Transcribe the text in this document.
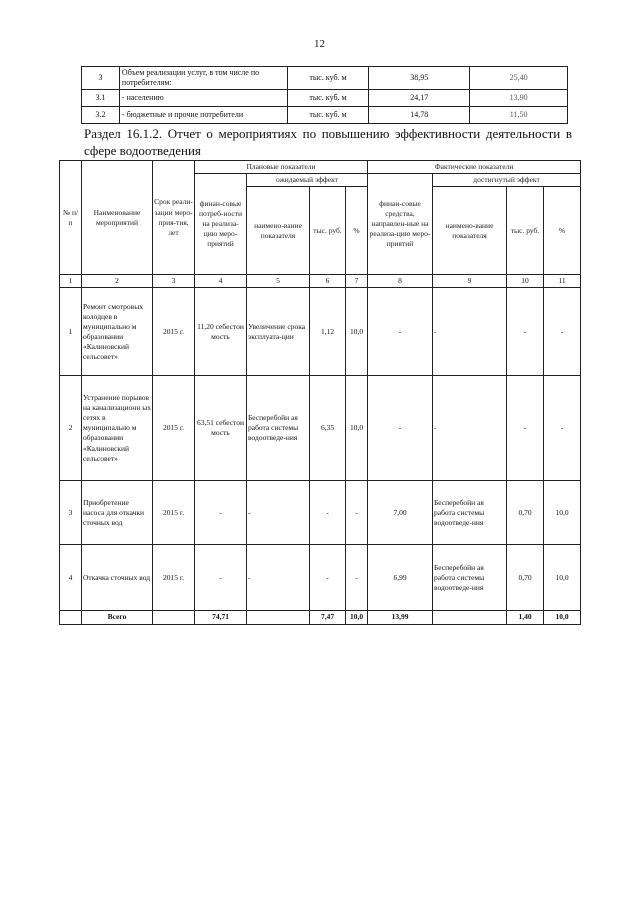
12
3	Объем реализации услуг, в том числе по потребителям:	тыс. куб. м	38,95	25,40
3.1	- населению	тыс. куб. м	24,17	13,90
3.2	- бюджетные и прочие потребители	тыс. куб. м	14,78	11,50

Раздел 16.1.2. Отчет о мероприятиях по повышению эффективности деятельности в сфере водоотведения

№ п/ п	Наименование мероприятий	Срок реали-зации меро-прия-тия, лет	Плановые показатели				Фактические показатели			
			финан-совые потреб-ности на реализа-цию меро-приятий	ожидаемый эффект			финан-совые средства, направлен-ные на реализа-цию меро-приятий	достигнутый эффект		
				наимено-вание показателя	тыс. руб.	%		наимено-вание показателя	тыс. руб.	%
1	2	3	4	5	6	7	8	9	10	11
1	Ремонт смотровых колодцев в муниципально м образовании «Калиновский сельсовет»	2015 г.	11,20 себестои мость	Увеличение срока эксплуата-ции	1,12	10,0	-	-	-	-
2	Устранение порывов на канализационн ых сетях в муниципально м образовании «Калиновский сельсовет»	2015 г.	63,51 себестои мость	Бесперебойн ая работа системы водоотведе-ния	6,35	10,0	-	-	-	-
3	Приобретение насоса для откачки сточных вод	2015 г.	-	-	-	-	7,00	Бесперебойн ая работа системы водоотведе-ния	0,70	10,0
4	Откачка сточных вод	2015 г.	-	-	-	-	6,99	Бесперебойн ая работа системы водоотведе-ния	0,70	10,0
	Всего		74,71		7,47	10,0	13,99		1,40	10,0
